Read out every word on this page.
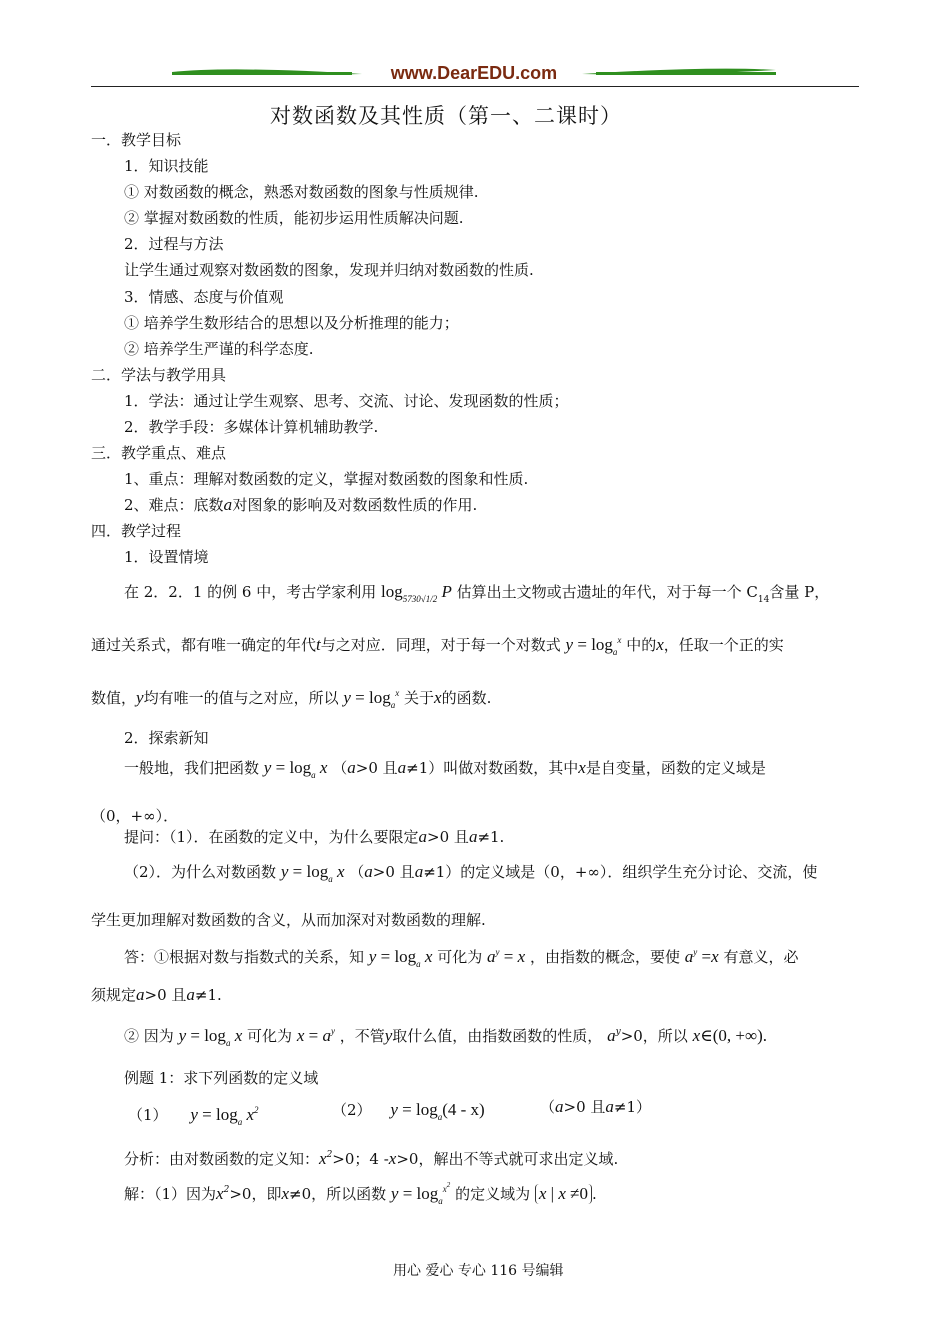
www.DearEDU.com
对数函数及其性质（第一、二课时）
一．教学目标
1．知识技能
① 对数函数的概念，熟悉对数函数的图象与性质规律.
② 掌握对数函数的性质，能初步运用性质解决问题.
2．过程与方法
让学生通过观察对数函数的图象，发现并归纳对数函数的性质.
3．情感、态度与价值观
① 培养学生数形结合的思想以及分析推理的能力；
② 培养学生严谨的科学态度.
二．学法与教学用具
1．学法：通过让学生观察、思考、交流、讨论、发现函数的性质；
2．教学手段：多媒体计算机辅助教学.
三．教学重点、难点
1、重点：理解对数函数的定义，掌握对数函数的图象和性质.
2、难点：底数a对图象的影响及对数函数性质的作用.
四．教学过程
1．设置情境
在 2．2．1 的例 6 中，考古学家利用 $\log_{5730√1/2} P$ 估算出土文物或古遗址的年代，对于每一个 $C_{14}$含量 P，
通过关系式，都有唯一确定的年代t与之对应．同理，对于每一个对数式 $y = \log_a^x$ 中的x，任取一个正的实
数值，y均有唯一的值与之对应，所以 $y = \log_a^x$ 关于x的函数.
2．探索新知
一般地，我们把函数 $y = \log_a x$ （a>0 且a≠1）叫做对数函数，其中x是自变量，函数的定义域是
（0，+∞）．
提问：（1）．在函数的定义中，为什么要限定a>0 且a≠1.
（2）．为什么对数函数 $y = \log_a x$ （a>0 且a≠1）的定义域是（0，+∞）．组织学生充分讨论、交流，使
学生更加理解对数函数的含义，从而加深对对数函数的理解.
答：①根据对数与指数式的关系，知 $y = \log_a x$ 可化为 $a^y = x$ ，由指数的概念，要使 $a^y =x$ 有意义，必
须规定a>0 且a≠1.
② 因为 $y = \log_a x$ 可化为 $x = a^y$ ，不管y取什么值，由指数函数的性质， $a^y>0$，所以 x∈(0, +∞).
例题 1：求下列函数的定义域
（1） $y = \log_a x^2$	（2） $y = \log_a(4 - x)$	（a>0 且a≠1）
分析：由对数函数的定义知：$x^2>0$；4 -x>0，解出不等式就可求出定义域.
解：（1）因为$x^2>0$，即x≠0，所以函数 $y = \log_a^{x2}$ 的定义域为 x | x ≠0 .
用心 爱心 专心 116 号编辑
